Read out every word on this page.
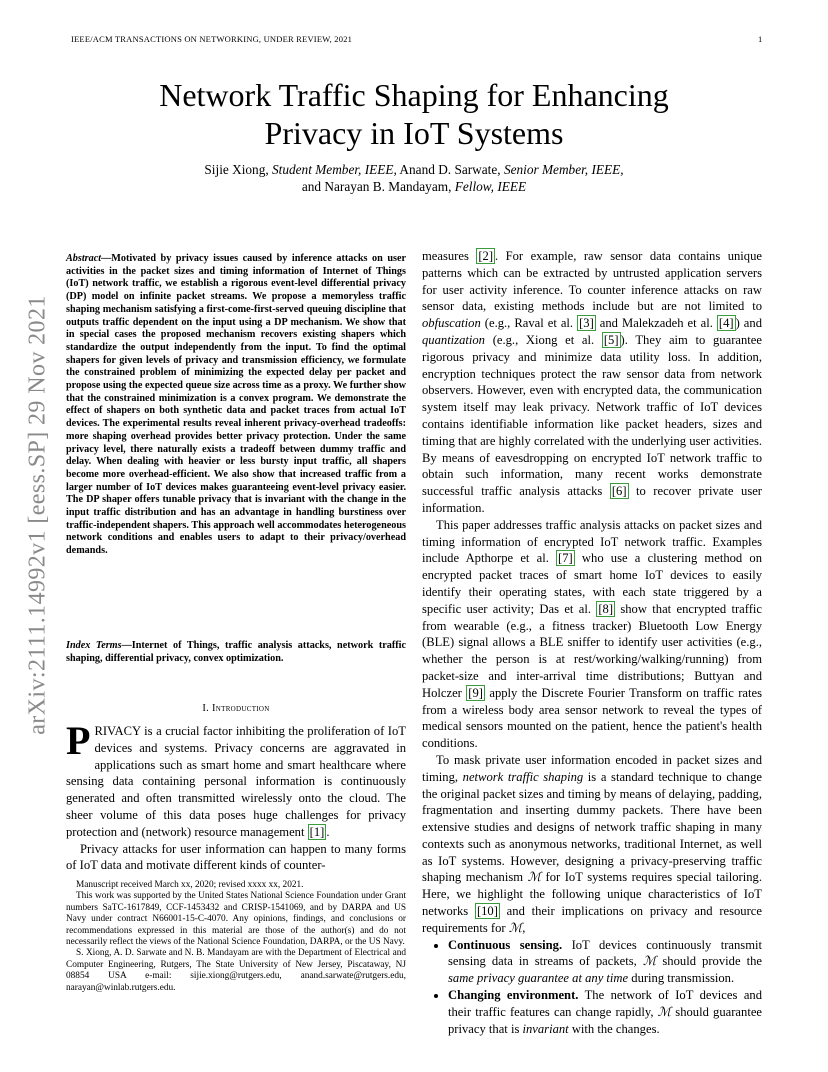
IEEE/ACM TRANSACTIONS ON NETWORKING, UNDER REVIEW, 2021	1
arXiv:2111.14992v1 [eess.SP] 29 Nov 2021
Network Traffic Shaping for Enhancing
Privacy in IoT Systems
Sijie Xiong, Student Member, IEEE, Anand D. Sarwate, Senior Member, IEEE,
and Narayan B. Mandayam, Fellow, IEEE
Abstract—Motivated by privacy issues caused by inference attacks on user activities in the packet sizes and timing information of Internet of Things (IoT) network traffic, we establish a rigorous event-level differential privacy (DP) model on infinite packet streams. We propose a memoryless traffic shaping mechanism satisfying a first-come-first-served queuing discipline that outputs traffic dependent on the input using a DP mechanism. We show that in special cases the proposed mechanism recovers existing shapers which standardize the output independently from the input. To find the optimal shapers for given levels of privacy and transmission efficiency, we formulate the constrained problem of minimizing the expected delay per packet and propose using the expected queue size across time as a proxy. We further show that the constrained minimization is a convex program. We demonstrate the effect of shapers on both synthetic data and packet traces from actual IoT devices. The experimental results reveal inherent privacy-overhead tradeoffs: more shaping overhead provides better privacy protection. Under the same privacy level, there naturally exists a tradeoff between dummy traffic and delay. When dealing with heavier or less bursty input traffic, all shapers become more overhead-efficient. We also show that increased traffic from a larger number of IoT devices makes guaranteeing event-level privacy easier. The DP shaper offers tunable privacy that is invariant with the change in the input traffic distribution and has an advantage in handling burstiness over traffic-independent shapers. This approach well accommodates heterogeneous network conditions and enables users to adapt to their privacy/overhead demands.
Index Terms—Internet of Things, traffic analysis attacks, network traffic shaping, differential privacy, convex optimization.
I. Introduction

PRIVACY is a crucial factor inhibiting the proliferation of IoT devices and systems. Privacy concerns are aggravated in applications such as smart home and smart healthcare where sensing data containing personal information is continuously generated and often transmitted wirelessly onto the cloud. The sheer volume of this data poses huge challenges for privacy protection and (network) resource management [1] .

Privacy attacks for user information can happen to many forms of IoT data and motivate different kinds of counter-

Manuscript received March xx, 2020; revised xxxx xx, 2021.

This work was supported by the United States National Science Foundation under Grant numbers SaTC-1617849, CCF-1453432 and CRISP-1541069, and by DARPA and US Navy under contract N66001-15-C-4070. Any opinions, findings, and conclusions or recommendations expressed in this material are those of the author(s) and do not necessarily reflect the views of the National Science Foundation, DARPA, or the US Navy.

S. Xiong, A. D. Sarwate and N. B. Mandayam are with the Department of Electrical and Computer Engineering, Rutgers, The State University of New Jersey, Piscataway, NJ 08854 USA e-mail: sijie.xiong@rutgers.edu, anand.sarwate@rutgers.edu, narayan@winlab.rutgers.edu.

measures [2] . For example, raw sensor data contains unique patterns which can be extracted by untrusted application servers for user activity inference. To counter inference attacks on raw sensor data, existing methods include but are not limited to obfuscation (e.g., Raval et al. [3] and Malekzadeh et al. [4] ) and quantization (e.g., Xiong et al. [5] ). They aim to guarantee rigorous privacy and minimize data utility loss. In addition, encryption techniques protect the raw sensor data from network observers. However, even with encrypted data, the communication system itself may leak privacy. Network traffic of IoT devices contains identifiable information like packet headers, sizes and timing that are highly correlated with the underlying user activities. By means of eavesdropping on encrypted IoT network traffic to obtain such information, many recent works demonstrate successful traffic analysis attacks [6] to recover private user information.

This paper addresses traffic analysis attacks on packet sizes and timing information of encrypted IoT network traffic. Examples include Apthorpe et al. [7] who use a clustering method on encrypted packet traces of smart home IoT devices to easily identify their operating states, with each state triggered by a specific user activity; Das et al. [8] show that encrypted traffic from wearable (e.g., a fitness tracker) Bluetooth Low Energy (BLE) signal allows a BLE sniffer to identify user activities (e.g., whether the person is at rest/working/walking/running) from packet-size and inter-arrival time distributions; Buttyan and Holczer [9] apply the Discrete Fourier Transform on traffic rates from a wireless body area sensor network to reveal the types of medical sensors mounted on the patient, hence the patient's health conditions.

To mask private user information encoded in packet sizes and timing, network traffic shaping is a standard technique to change the original packet sizes and timing by means of delaying, padding, fragmentation and inserting dummy packets. There have been extensive studies and designs of network traffic shaping in many contexts such as anonymous networks, traditional Internet, as well as IoT systems. However, designing a privacy-preserving traffic shaping mechanism ℳ for IoT systems requires special tailoring. Here, we highlight the following unique characteristics of IoT networks [10] and their implications on privacy and resource requirements for ℳ,

• Continuous sensing. IoT devices continuously transmit sensing data in streams of packets, ℳ should provide the same privacy guarantee at any time during transmission.
• Changing environment. The network of IoT devices and their traffic features can change rapidly, ℳ should guarantee privacy that is invariant with the changes.
